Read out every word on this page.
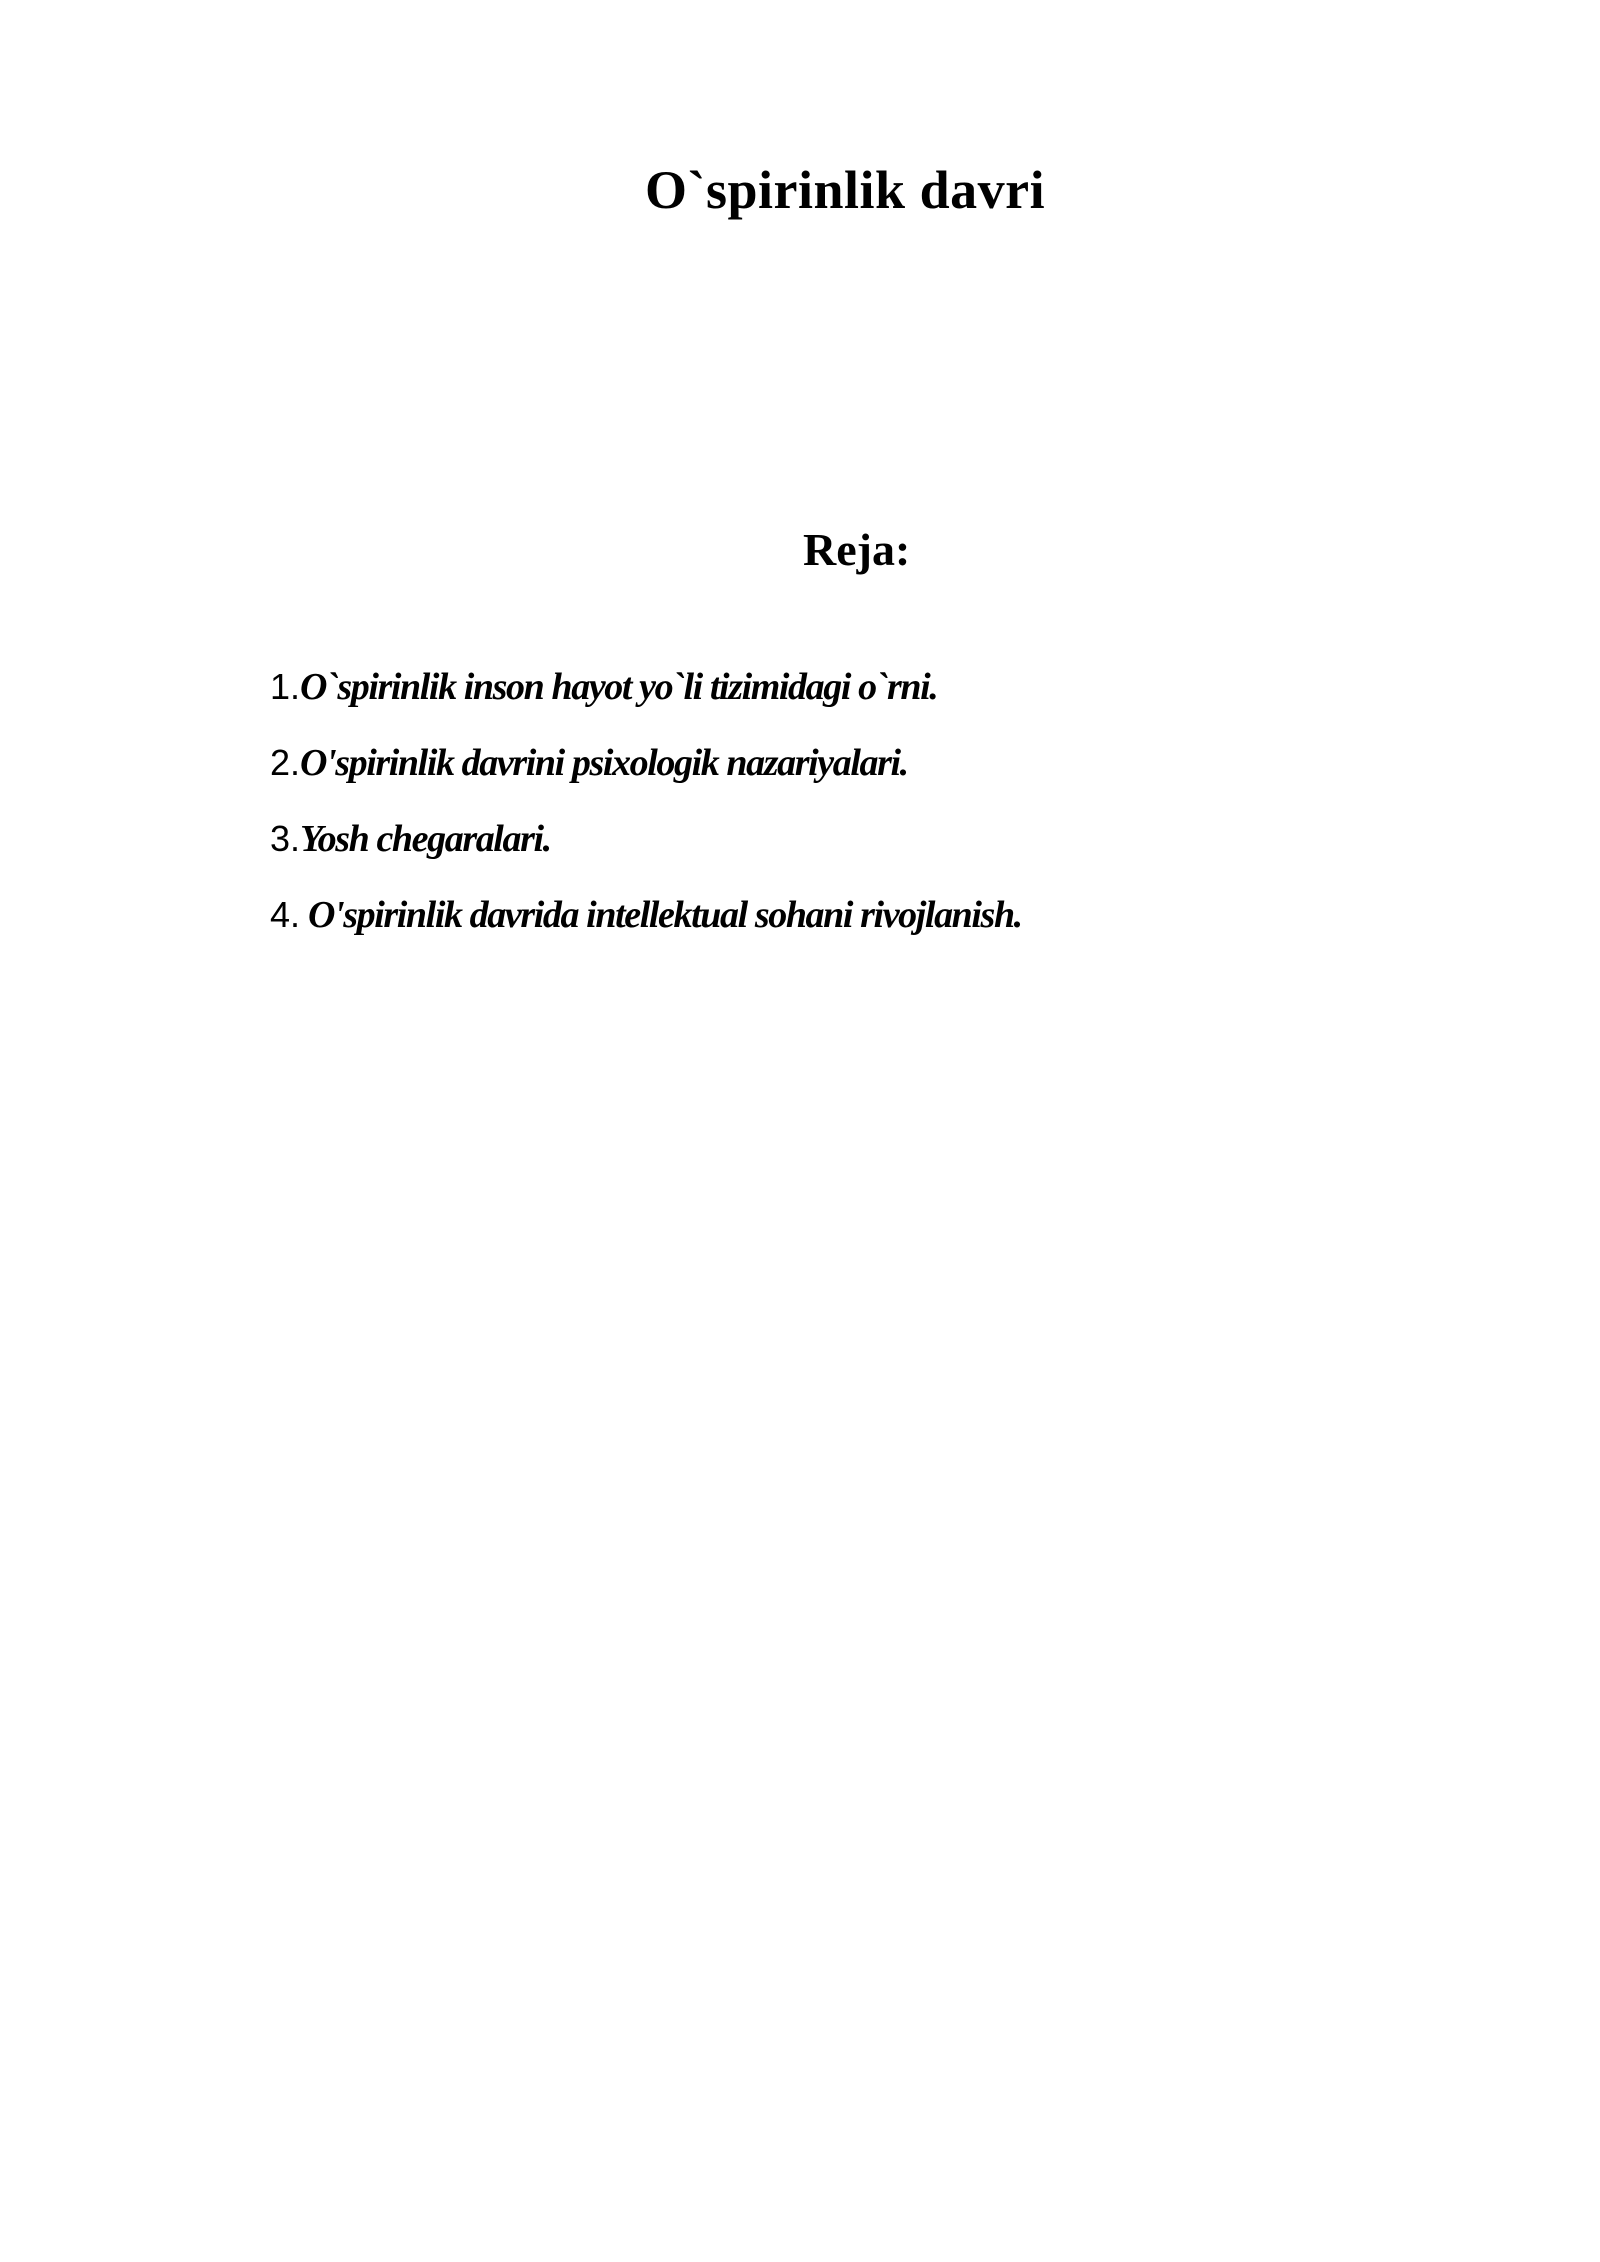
O`spirinlik davri
Reja:
1.O`spirinlik inson hayot yo`li tizimidagi o`rni.
2.O'spirinlik davrini psixologik nazariyalari.
3.Yosh chegaralari.
4. O'spirinlik davrida intellektual sohani rivojlanish.
